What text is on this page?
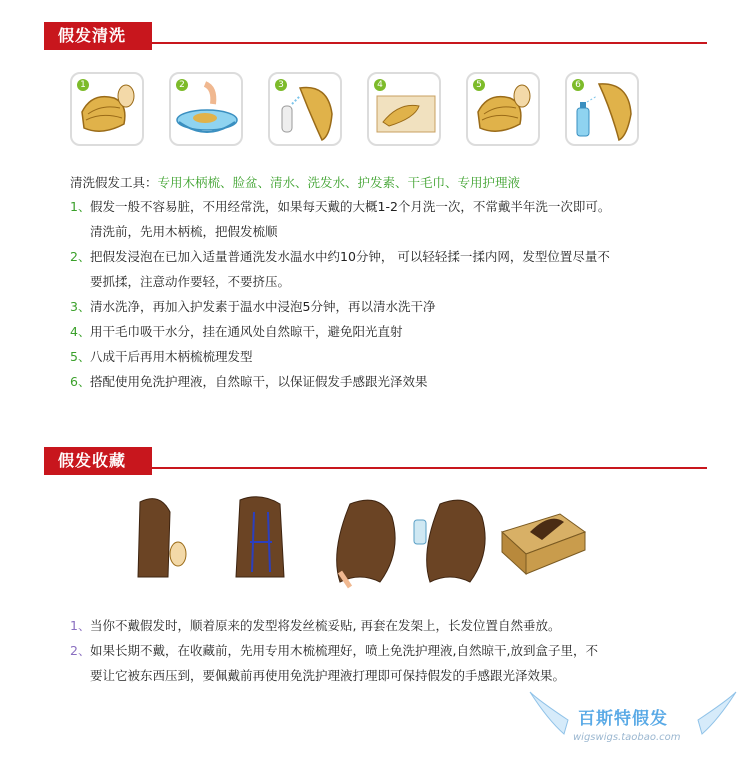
假发清洗
1	2	3	4	5	6
清洗假发工具：专用木柄梳、脸盆、清水、洗发水、护发素、干毛巾、专用护理液
1、 假发一般不容易脏，不用经常洗，如果每天戴的大概1-2个月洗一次，不常戴半年洗一次即可。
清洗前，先用木柄梳，把假发梳顺
2、 把假发浸泡在已加入适量普通洗发水温水中约10分钟， 可以轻轻揉一揉内网，发型位置尽量不
要抓揉，注意动作要轻，不要挤压。
3、 清水洗净，再加入护发素于温水中浸泡5分钟，再以清水洗干净
4、 用干毛巾吸干水分，挂在通风处自然晾干，避免阳光直射
5、 八成干后再用木柄梳梳理发型
6、 搭配使用免洗护理液，自然晾干，以保证假发手感跟光泽效果
假发收藏
1、 当你不戴假发时，顺着原来的发型将发丝梳妥贴, 再套在发架上，长发位置自然垂放。
2、 如果长期不戴，在收藏前，先用专用木梳梳理好，喷上免洗护理液,自然晾干,放到盒子里，不
要让它被东西压到，要佩戴前再使用免洗护理液打理即可保持假发的手感跟光泽效果。
百斯特假发
wigswigs.taobao.com
